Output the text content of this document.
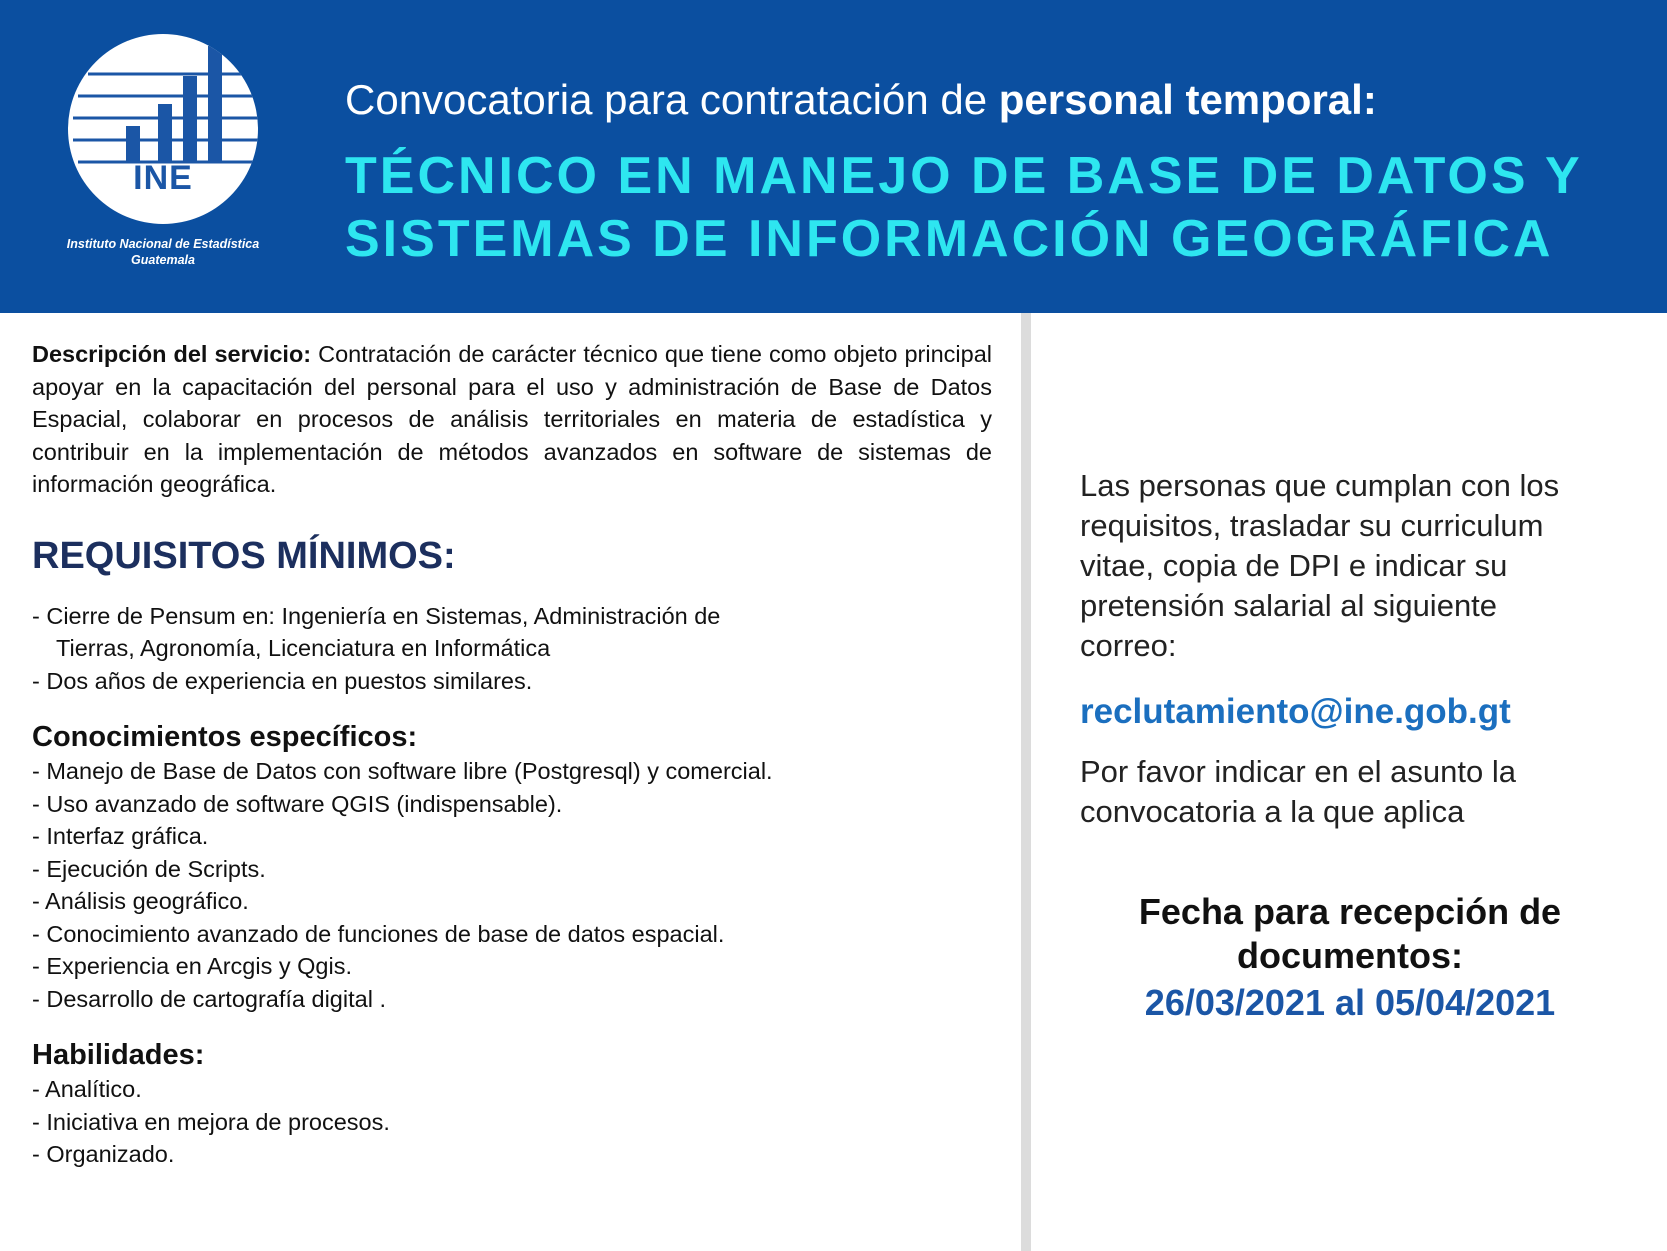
INE
Instituto Nacional de Estadística
Guatemala
Convocatoria para contratación de personal temporal:
TÉCNICO EN MANEJO DE BASE DE DATOS Y
SISTEMAS DE INFORMACIÓN GEOGRÁFICA

Descripción del servicio: Contratación de carácter técnico que tiene como objeto principal apoyar en la capacitación del personal para el uso y administración de Base de Datos Espacial, colaborar en procesos de análisis territoriales en materia de estadística y contribuir en la implementación de métodos avanzados en software de sistemas de información geográfica.

REQUISITOS MÍNIMOS:
- Cierre de Pensum en: Ingeniería en Sistemas, Administración de
Tierras, Agronomía, Licenciatura en Informática
- Dos años de experiencia en puestos similares.
Conocimientos específicos:
- Manejo de Base de Datos con software libre (Postgresql) y comercial.
- Uso avanzado de software QGIS (indispensable).
- Interfaz gráfica.
- Ejecución de Scripts.
- Análisis geográfico.
- Conocimiento avanzado de funciones de base de datos espacial.
- Experiencia en Arcgis y Qgis.
- Desarrollo de cartografía digital .
Habilidades:
- Analítico.
- Iniciativa en mejora de procesos.
- Organizado.
Las personas que cumplan con los
requisitos, trasladar su curriculum
vitae, copia de DPI e indicar su
pretensión salarial al siguiente
correo:
reclutamiento@ine.gob.gt
Por favor indicar en el asunto la
convocatoria a la que aplica
Fecha para recepción de
documentos:
26/03/2021 al 05/04/2021
